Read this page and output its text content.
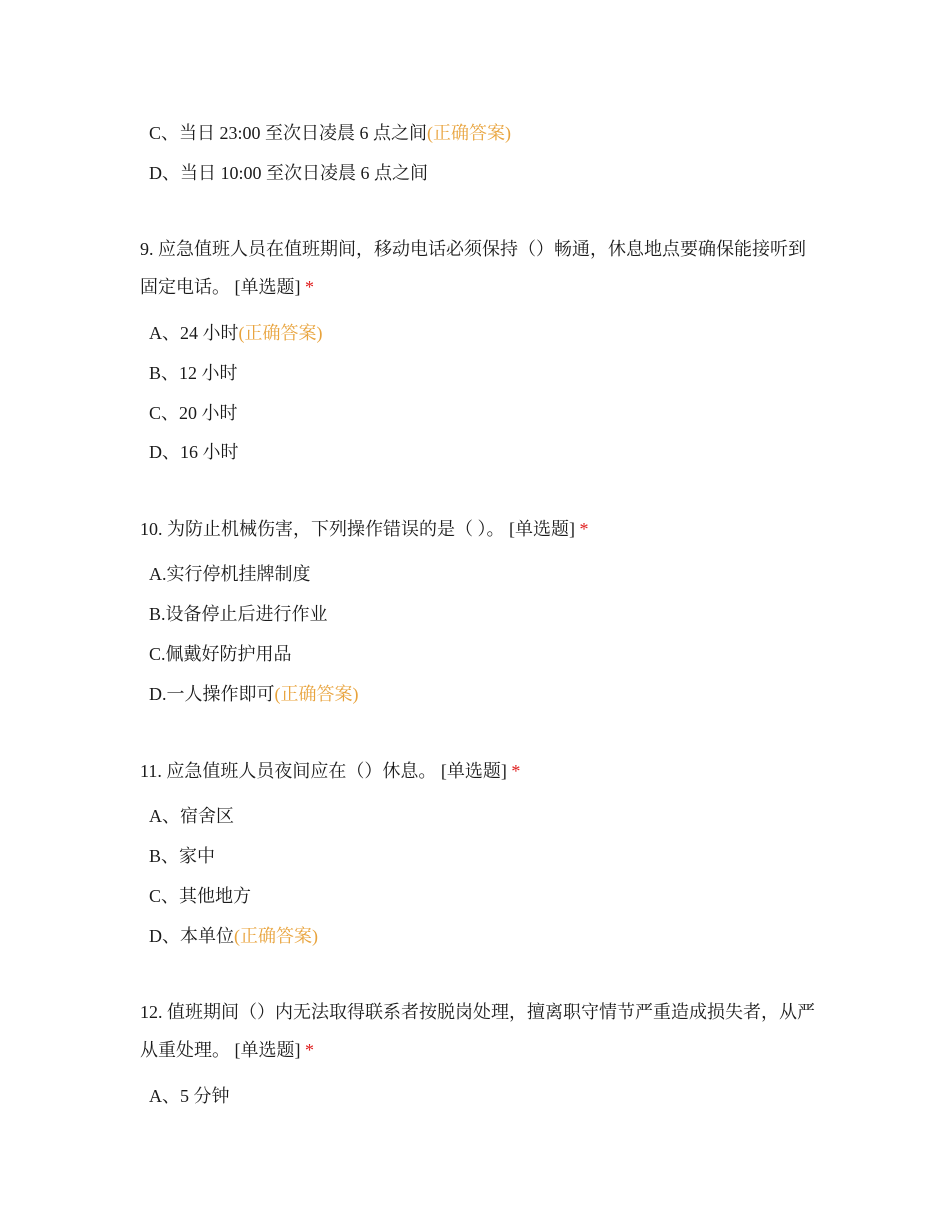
C、当日 23:00 至次日凌晨 6 点之间(正确答案)
D、当日 10:00 至次日凌晨 6 点之间
9. 应急值班人员在值班期间，移动电话必须保持（）畅通，休息地点要确保能接听到固定电话。 [单选题] *
A、24 小时(正确答案)
B、12 小时
C、20 小时
D、16 小时
10. 为防止机械伤害，下列操作错误的是（ ）。 [单选题] *
A.实行停机挂牌制度
B.设备停止后进行作业
C.佩戴好防护用品
D.一人操作即可(正确答案)
11. 应急值班人员夜间应在（）休息。 [单选题] *
A、宿舍区
B、家中
C、其他地方
D、本单位(正确答案)
12. 值班期间（）内无法取得联系者按脱岗处理，擅离职守情节严重造成损失者，从严从重处理。 [单选题] *
A、5 分钟
